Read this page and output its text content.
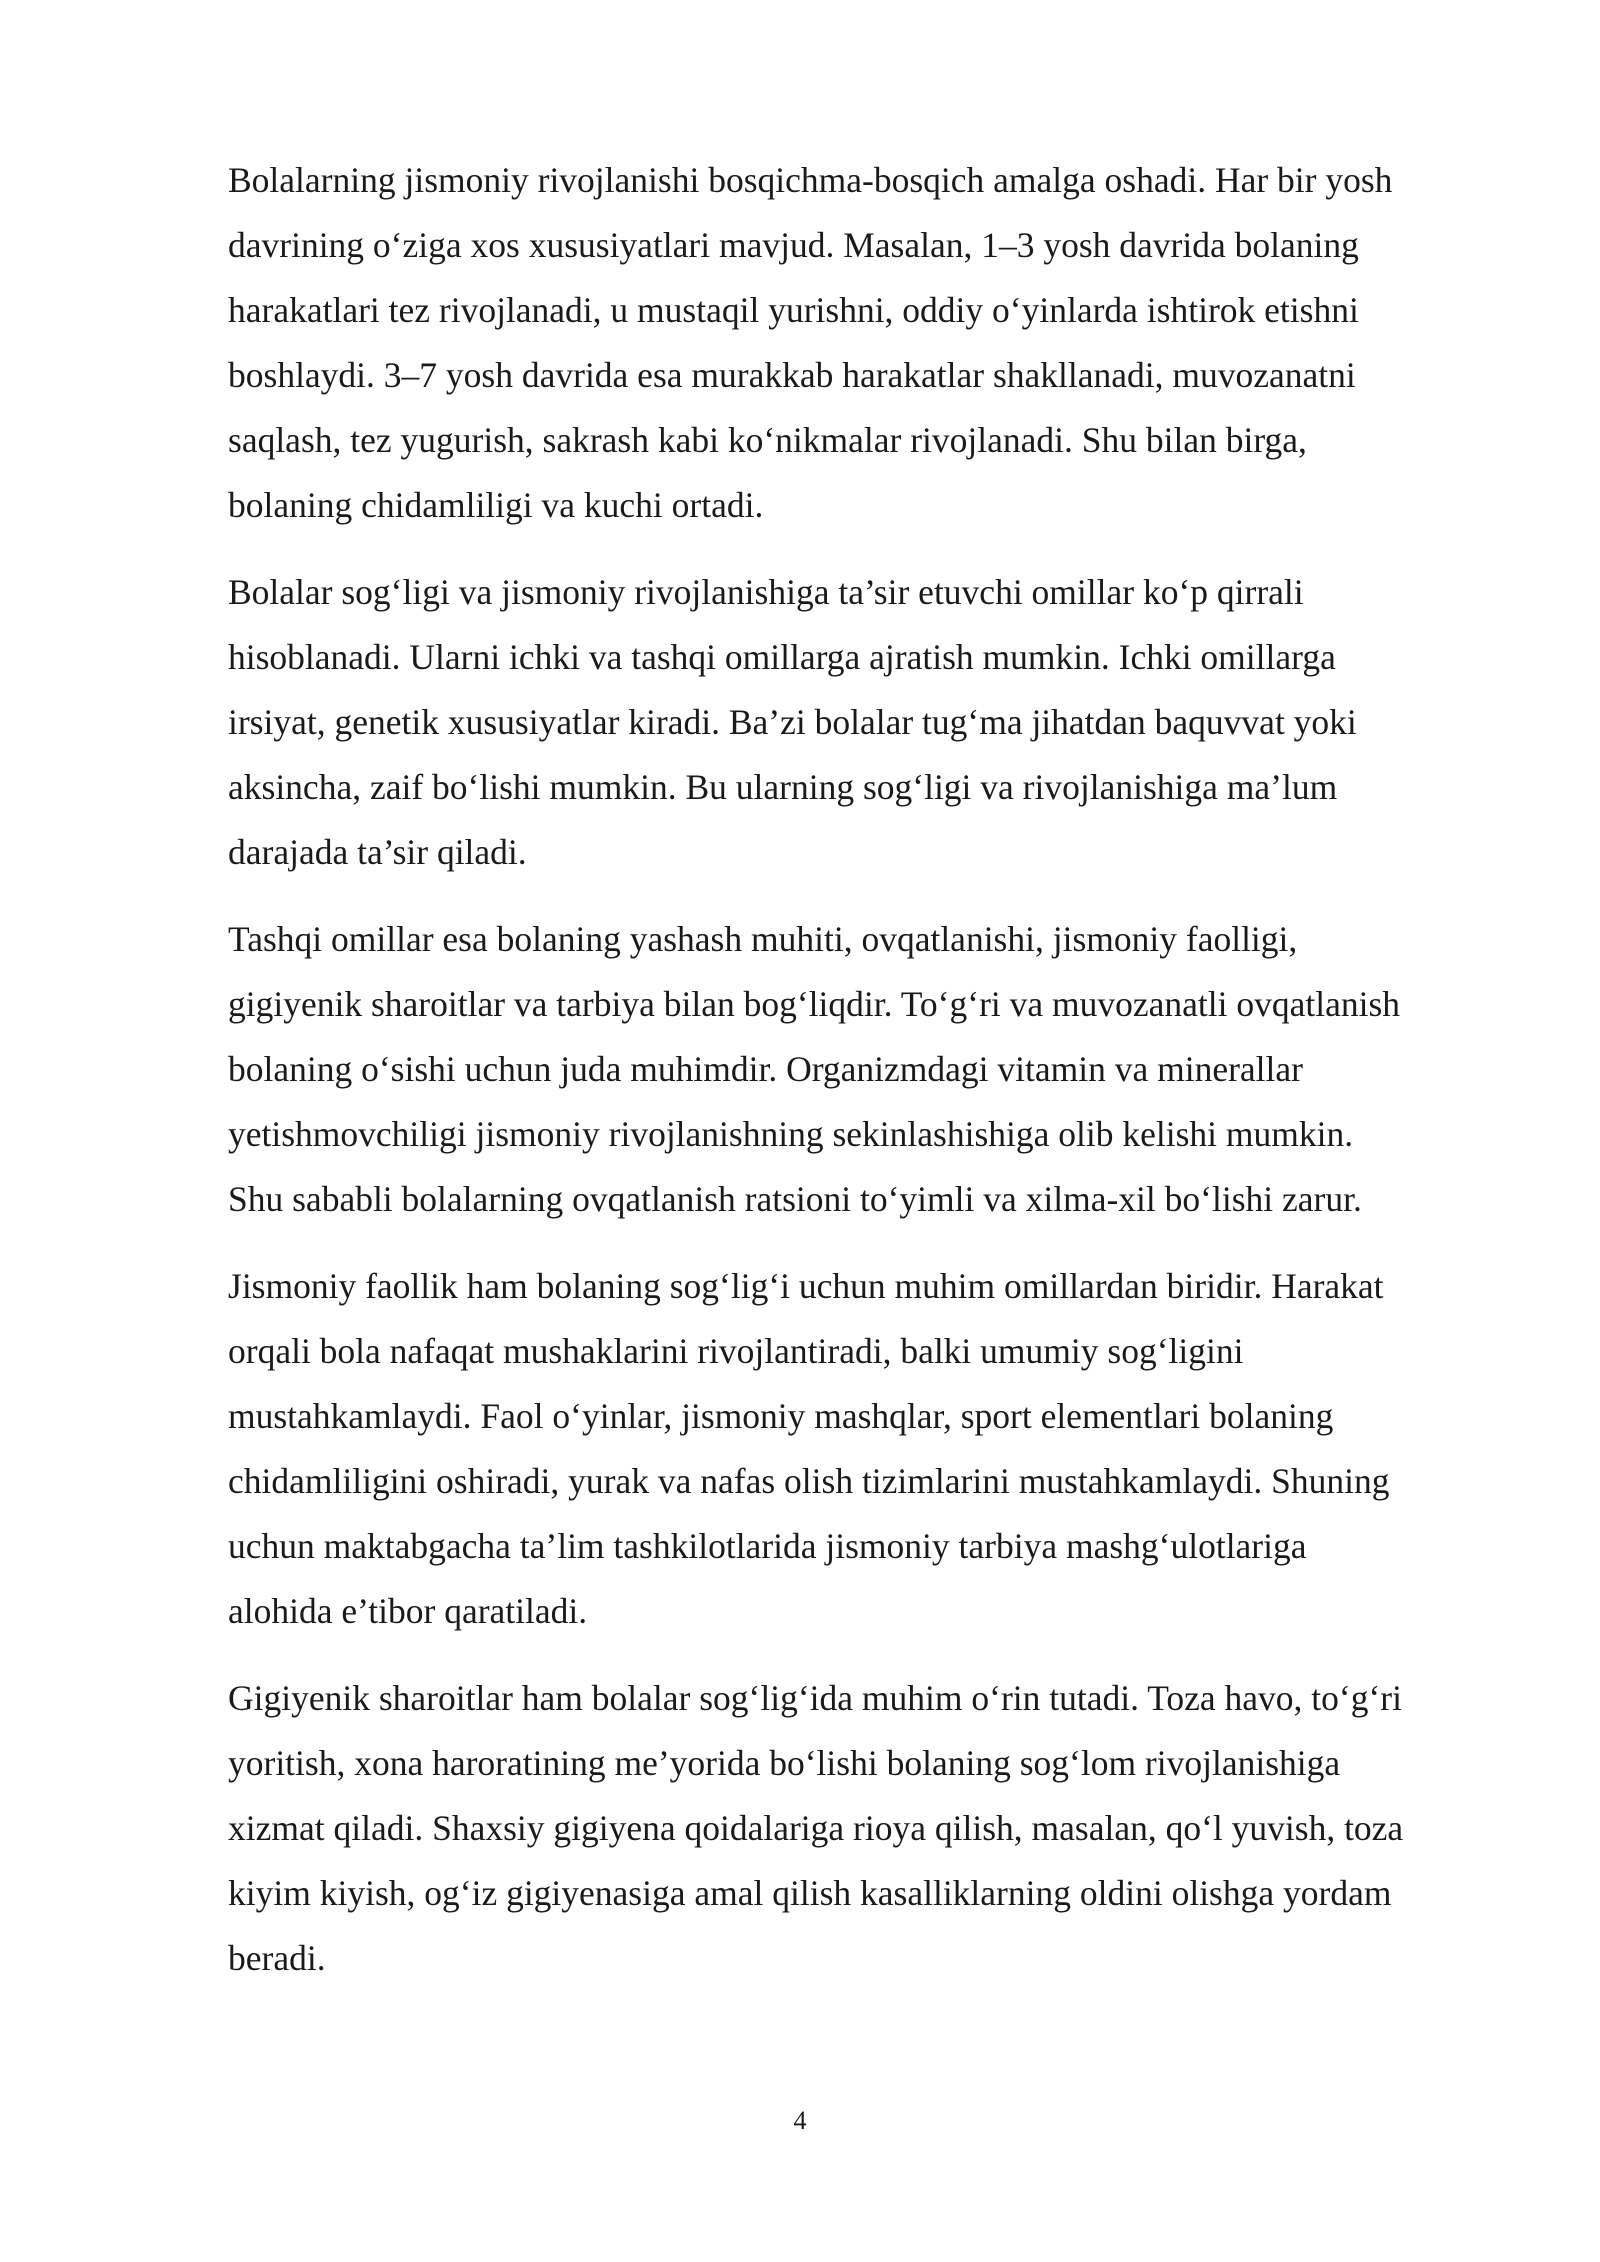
Bolalarning jismoniy rivojlanishi bosqichma-bosqich amalga oshadi. Har bir yosh
davrining o‘ziga xos xususiyatlari mavjud. Masalan, 1–3 yosh davrida bolaning
harakatlari tez rivojlanadi, u mustaqil yurishni, oddiy o‘yinlarda ishtirok etishni
boshlaydi. 3–7 yosh davrida esa murakkab harakatlar shakllanadi, muvozanatni
saqlash, tez yugurish, sakrash kabi ko‘nikmalar rivojlanadi. Shu bilan birga,
bolaning chidamliligi va kuchi ortadi.

Bolalar sog‘ligi va jismoniy rivojlanishiga ta’sir etuvchi omillar ko‘p qirrali
hisoblanadi. Ularni ichki va tashqi omillarga ajratish mumkin. Ichki omillarga
irsiyat, genetik xususiyatlar kiradi. Ba’zi bolalar tug‘ma jihatdan baquvvat yoki
aksincha, zaif bo‘lishi mumkin. Bu ularning sog‘ligi va rivojlanishiga ma’lum
darajada ta’sir qiladi.

Tashqi omillar esa bolaning yashash muhiti, ovqatlanishi, jismoniy faolligi,
gigiyenik sharoitlar va tarbiya bilan bog‘liqdir. To‘g‘ri va muvozanatli ovqatlanish
bolaning o‘sishi uchun juda muhimdir. Organizmdagi vitamin va minerallar
yetishmovchiligi jismoniy rivojlanishning sekinlashishiga olib kelishi mumkin.
Shu sababli bolalarning ovqatlanish ratsioni to‘yimli va xilma-xil bo‘lishi zarur.

Jismoniy faollik ham bolaning sog‘lig‘i uchun muhim omillardan biridir. Harakat
orqali bola nafaqat mushaklarini rivojlantiradi, balki umumiy sog‘ligini
mustahkamlaydi. Faol o‘yinlar, jismoniy mashqlar, sport elementlari bolaning
chidamliligini oshiradi, yurak va nafas olish tizimlarini mustahkamlaydi. Shuning
uchun maktabgacha ta’lim tashkilotlarida jismoniy tarbiya mashg‘ulotlariga
alohida e’tibor qaratiladi.

Gigiyenik sharoitlar ham bolalar sog‘lig‘ida muhim o‘rin tutadi. Toza havo, to‘g‘ri
yoritish, xona haroratining me’yorida bo‘lishi bolaning sog‘lom rivojlanishiga
xizmat qiladi. Shaxsiy gigiyena qoidalariga rioya qilish, masalan, qo‘l yuvish, toza
kiyim kiyish, og‘iz gigiyenasiga amal qilish kasalliklarning oldini olishga yordam
beradi.

4
